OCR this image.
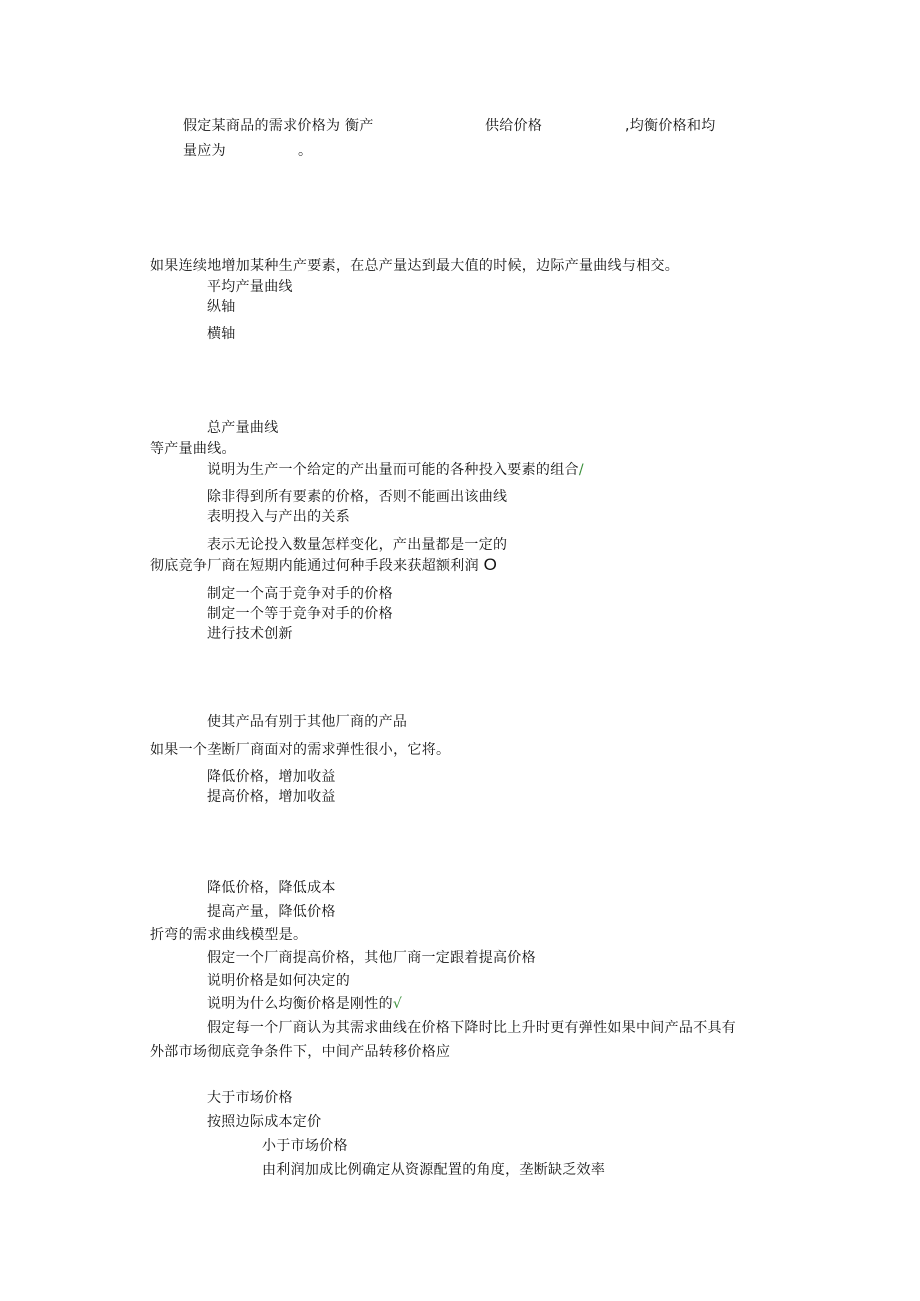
假定某商品的需求价格为 衡产	供给价格	,均衡价格和均
量应为	。
如果连续地增加某种生产要素，在总产量达到最大值的时候，边际产量曲线与相交。
平均产量曲线
纵轴
横轴
总产量曲线
等产量曲线。
说明为生产一个给定的产出量而可能的各种投入要素的组合/
除非得到所有要素的价格，否则不能画出该曲线
表明投入与产出的关系
表示无论投入数量怎样变化，产出量都是一定的
彻底竞争厂商在短期内能通过何种手段来获超额利润 O
制定一个高于竞争对手的价格
制定一个等于竞争对手的价格
进行技术创新
使其产品有别于其他厂商的产品
如果一个垄断厂商面对的需求弹性很小，它将。
降低价格，增加收益
提高价格，增加收益
降低价格，降低成本
提高产量，降低价格
折弯的需求曲线模型是。
假定一个厂商提高价格，其他厂商一定跟着提高价格
说明价格是如何决定的
说明为什么均衡价格是刚性的√
假定每一个厂商认为其需求曲线在价格下降时比上升时更有弹性如果中间产品不具有
外部市场彻底竞争条件下，中间产品转移价格应
大于市场价格
按照边际成本定价
小于市场价格
由利润加成比例确定从资源配置的角度，垄断缺乏效率
